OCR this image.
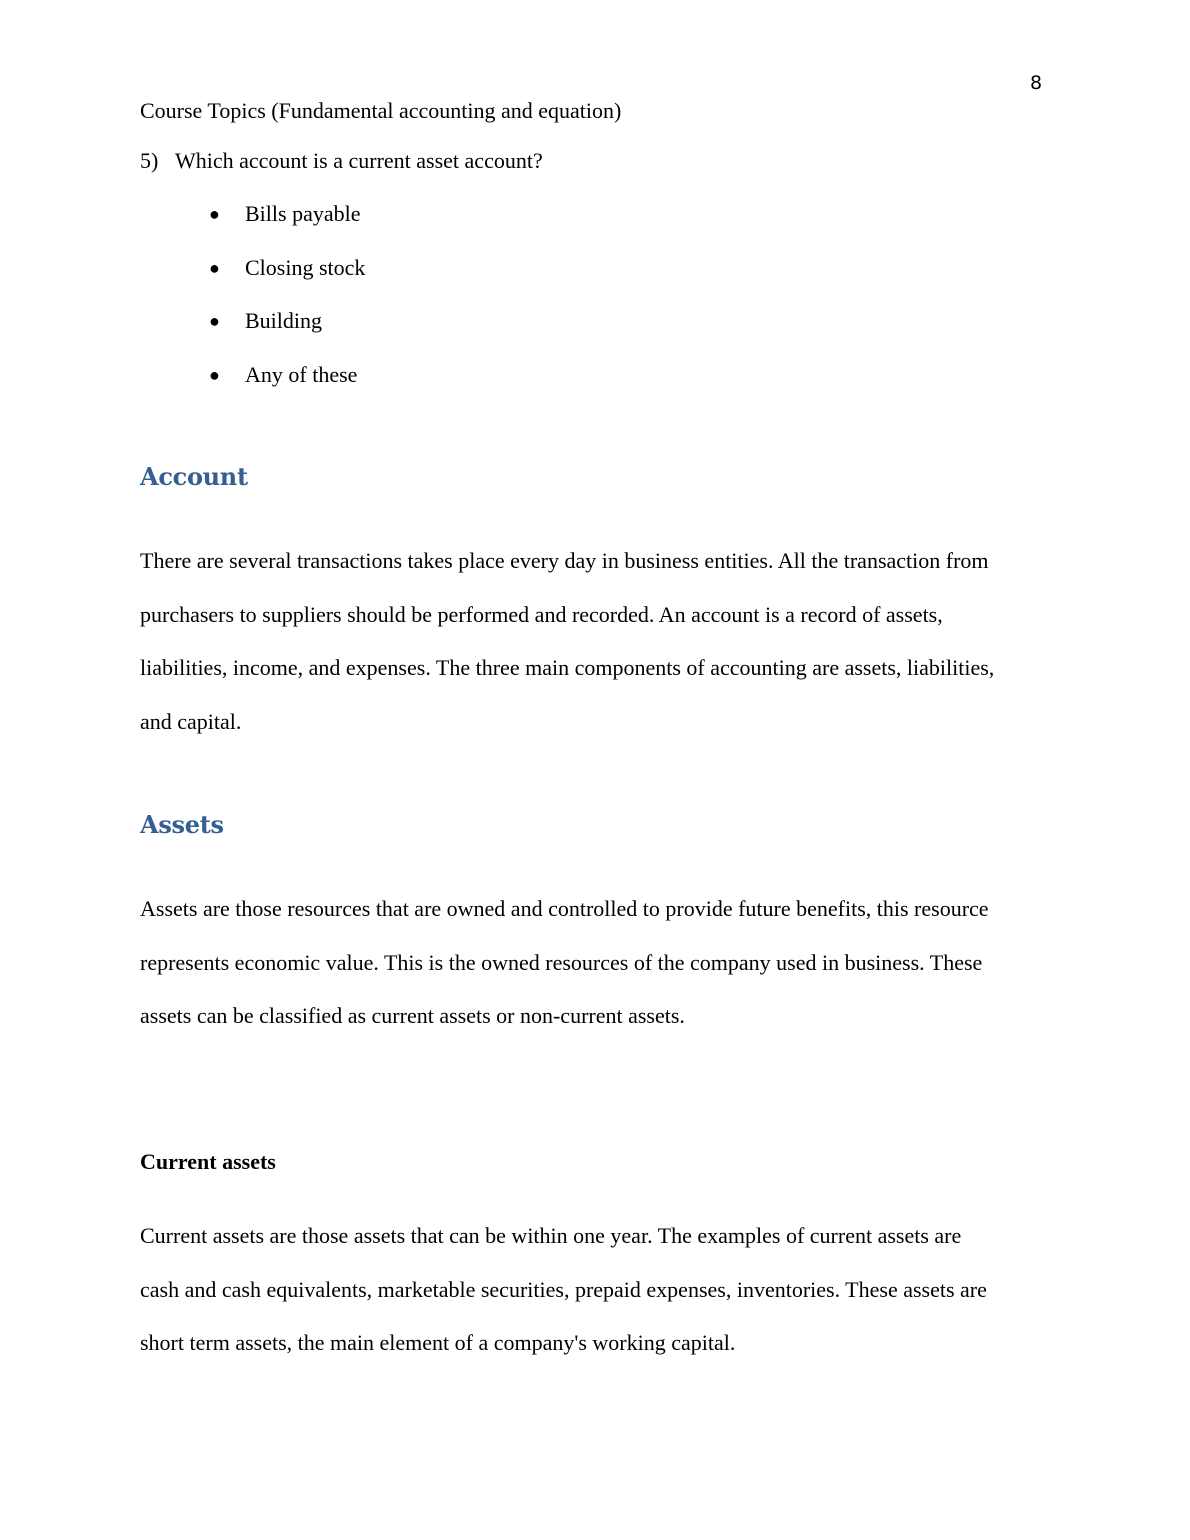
8
Course Topics (Fundamental accounting and equation)
5) Which account is a current asset account?
●	Bills payable
●	Closing stock
●	Building
●	Any of these
Account
There are several transactions takes place every day in business entities. All the transaction from
purchasers to suppliers should be performed and recorded. An account is a record of assets,
liabilities, income, and expenses. The three main components of accounting are assets, liabilities,
and capital.
Assets
Assets are those resources that are owned and controlled to provide future benefits, this resource
represents economic value. This is the owned resources of the company used in business. These
assets can be classified as current assets or non-current assets.
Current assets
Current assets are those assets that can be within one year. The examples of current assets are
cash and cash equivalents, marketable securities, prepaid expenses, inventories. These assets are
short term assets, the main element of a company's working capital.
